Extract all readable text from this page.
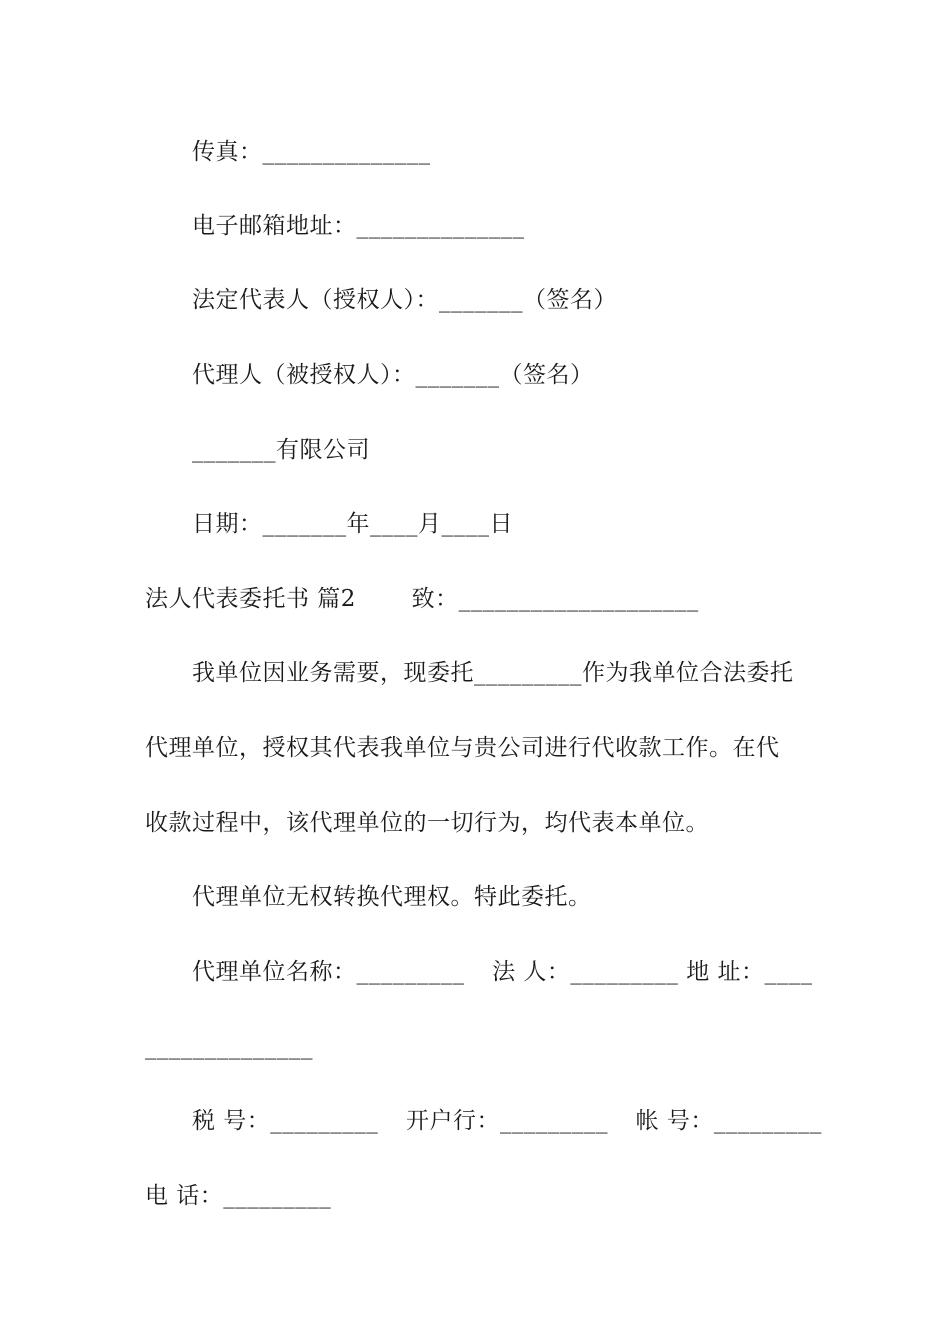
传真：______________
电子邮箱地址：______________
法定代表人（授权人）：_______（签名）
代理人（被授权人）：_______（签名）
_______有限公司
日期：_______年____月____日
法人代表委托书 篇2 致：____________________
我单位因业务需要，现委托_________作为我单位合法委托
代理单位，授权其代表我单位与贵公司进行代收款工作。在代
收款过程中，该代理单位的一切行为，均代表本单位。
代理单位无权转换代理权。特此委托。
代理单位名称：_________ 法 人：_________ 地 址：____
______________
税 号：_________ 开户行：_________ 帐 号：_________
电 话：_________
